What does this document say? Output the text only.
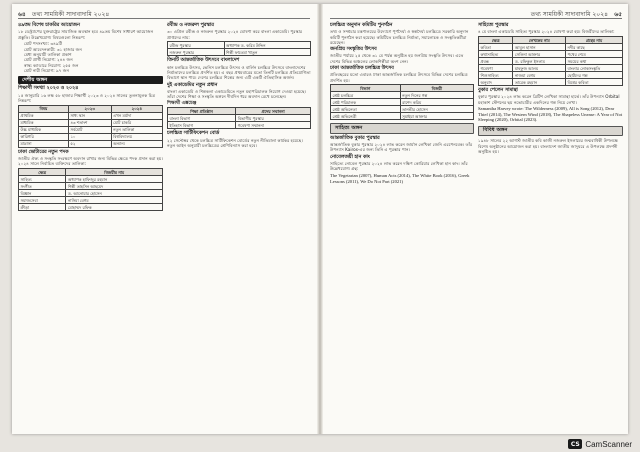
৬৪ তথ্য সাময়িকী সাদাবাদামি ২০২৪
৪৯তম বিশেষ চাকরির আয়োজন

১৮ ডেস্ট্র্যাপের যুক্তরাষ্ট্রের সামাজিক অবস্থান হবে ৪৯তম বিশেষ সাধারণ আয়োজন প্রস্তুতি। উল্লেখযোগ্য বিষয়গুলো নিম্নরূপ:

• মোট পদসংখ্যা: ৩৪৯টি
• মোট আবেদনকারী: ৩১ হাজার জন
• মেধা অনুযায়ী তালিকা প্রকাশ
• মোট প্রার্থী নিয়োগ: ২৪৪ জন
• স্বাস্থ্য ক্যাডারে নিয়োগ: ২৫৫ জন
• মোট নারী নিয়োগ: ৯৭ জন
দেশীয় অঙ্গন
শিক্ষার্থী সংখ্যা ২০২৩ ও ২০২৪

১৫ জানুয়ারি ১৬ লক্ষ ৫৮ হাজার শিক্ষার্থী ২০২৩ ও ২০২৪ সালের তুলনামূলক চিত্র নিম্নরূপ:

বিষয়	২০২৩	২০২৪
প্রাথমিক	সাধ্য স্থান	এখন মর্যাদা
মাধ্যমিক	৪৩ শতাংশ	মোট চাকরি
উচ্চ মাধ্যমিক	সর্বমোট	নতুন তালিকা
কারিগরি	১০	বিশ্ববিদ্যালয়
মাদ্রাসা	৫২	অন্যান্য
ঢাকা ভোটারের নতুন পদক

জাতীয় ঐক্য ও সংস্কৃতি সংরক্ষণে অবদান রাখার জন্য বিভিন্ন ক্ষেত্রে পদক প্রদান করা হয়। ২০২৪ সালে নির্বাচিত ব্যক্তিদের তালিকা:

ক্ষেত্র	বিজয়ীর নাম
সাহিত্য	অধ্যাপক হাফিজুর রহমান
সংগীত	শিল্পী তাহসিন আহমেদ
বিজ্ঞান	ড. আনোয়ার হোসেন
সমাজসেবা	নাসিমা বেগম
ক্রীড়া	মোহাম্মদ রফিক
রবীন্দ্র ও নজরুল পুরস্কার

৩০ এপ্রিল রবীন্দ্র ও নজরুল পুরস্কার ২০২৪ ঘোষণা করে বাংলা একাডেমি। পুরস্কার প্রাপ্তদের নাম:

রবীন্দ্র পুরস্কার	অধ্যাপক ড. করিম উদ্দিন
নজরুল পুরস্কার	শিল্পী ফাতেমা খাতুন
তিনটি আন্তর্জাতিক উৎসবে বাংলাদেশ

কান চলচ্চিত্র উৎসব, ভেনিস চলচ্চিত্র উৎসব ও বার্লিন চলচ্চিত্র উৎসবে বাংলাদেশের নির্মাতাদের চলচ্চিত্র প্রদর্শিত হয়। এ বছর প্রথমবারের মতো তিনটি চলচ্চিত্র প্রতিযোগিতা বিভাগে স্থান পায়। দেশের চলচ্চিত্র শিল্পের জন্য এটি একটি ঐতিহাসিক অর্জন।

দুই একাডেমির নতুন প্রধান

বাংলা একাডেমি ও শিল্পকলা একাডেমিতে নতুন মহাপরিচালক নিয়োগ দেওয়া হয়েছে। তাঁরা দেশের শিক্ষা ও সংস্কৃতি অঙ্গনে দীর্ঘদিন ধরে অবদান রেখে চলেছেন।

শিক্ষার্থী এক্সচেঞ্জ
শিক্ষা প্রতিষ্ঠান	প্রদেয় সম্মাননা
বাংলা বিভাগ	বিভাগীয় পুরস্কার
ইতিহাস বিভাগ	গবেষণা সম্মাননা
চলচ্চিত্র সার্টিফিকেশন বোর্ড

২২ সেপ্টেম্বর থেকে চলচ্চিত্র সার্টিফিকেশন বোর্ডের নতুন নীতিমালা কার্যকর হয়েছে। নতুন আইন অনুযায়ী চলচ্চিত্রের শ্রেণিবিন্যাস করা হবে।

তথ্য সাময়িকী সাদাবাদামি ২০২৪ ৬৫
চলচ্চিত্র অনুদান কমিটির পুনর্গঠন

তথ্য ও সম্প্রচার মন্ত্রণালয়ের উদ্যোগে পূর্ণদৈর্ঘ্য ও স্বল্পদৈর্ঘ্য চলচ্চিত্রে সরকারি অনুদান কমিটি পুনর্গঠন করা হয়েছে। কমিটিতে চলচ্চিত্র নির্মাতা, সমালোচক ও সংস্কৃতিকর্মীরা রয়েছেন।

জনপ্রিয় সংস্কৃতির উৎসব

জাতীয় পর্যায়ে ২৫ থেকে ৩১ মে পর্যন্ত অনুষ্ঠিত হয় জনপ্রিয় সংস্কৃতি উৎসব। এতে দেশের বিভিন্ন অঞ্চলের লোকশিল্পীরা অংশ নেন।

ঢাকা আন্তর্জাতিক চলচ্চিত্র উৎসব

প্রতিবছরের মতো এবারও ঢাকা আন্তর্জাতিক চলচ্চিত্র উৎসবে বিভিন্ন দেশের চলচ্চিত্র প্রদর্শিত হয়।

বিভাগ	বিজয়ী
শ্রেষ্ঠ চলচ্চিত্র	নতুন দিনের গল্প
শ্রেষ্ঠ পরিচালক	রাশেদ করিম
শ্রেষ্ঠ অভিনেতা	তানভীর হোসেন
শ্রেষ্ঠ অভিনেত্রী	সুমাইয়া আক্তার
সাহিত্য অঙ্গন
আন্তর্জাতিক বুকার পুরস্কার

আন্তর্জাতিক বুকার পুরস্কার ২০২৪ লাভ করেন জার্মান লেখিকা জেনি এরপেনবেক। তাঁর উপন্যাস Kairos-এর জন্য তিনি এ পুরস্কার পান।

নোবেলজয়ী হান কাং

সাহিত্যে নোবেল পুরস্কার ২০২৪ লাভ করেন দক্ষিণ কোরিয়ার লেখিকা হান কাং। তাঁর উল্লেখযোগ্য গ্রন্থ:

The Vegetarian (2007), Human Acts (2014), The White Book (2016), Greek Lessons (2011), We Do Not Part (2021)

সাহিত্যে পুরস্কার

৪ মে বাংলা একাডেমি সাহিত্য পুরস্কার ২০২৪ ঘোষণা করা হয়। বিজয়ীদের তালিকা:

ক্ষেত্র	লেখকের নাম	গ্রন্থের নাম
কবিতা	আবুল হাসান	নদীর কাছে
কথাসাহিত্য	সেলিনা আক্তার	পথের শেষে
প্রবন্ধ	ড. রফিকুল ইসলাম	সময়ের কথা
গবেষণা	মাহফুজ আলম	বাংলার লোকসংস্কৃতি
শিশুসাহিত্য	নাজমা বেগম	ছোটদের গল্প
অনুবাদ	তারেক রহমান	বিশ্বের কবিতা
বুকার পেলেন সামান্থা

বুকার পুরস্কার ২০২৪ লাভ করেন ব্রিটিশ লেখিকা সামান্থা হার্ভে। তাঁর উপন্যাস Orbital মহাকাশ স্টেশনের ছয় নভোচারীর একদিনের গল্প নিয়ে লেখা।

Samantha Harvey wrote: The Wilderness (2009), All is Song (2012), Dear Thief (2014), The Western Wind (2018), The Shapeless Unease: A Year of Not Sleeping (2020), Orbital (2023).

বিবিধ অঙ্গন

১৯৪৮ সালের ২২ আগস্ট জাতীয় কবি কাজী নজরুল ইসলামের জন্মবার্ষিকী উপলক্ষে বিশেষ অনুষ্ঠানের আয়োজন করা হয়। বাংলাদেশ জাতীয় জাদুঘরে এ উপলক্ষে প্রদর্শনী অনুষ্ঠিত হয়।

CS CamScanner
